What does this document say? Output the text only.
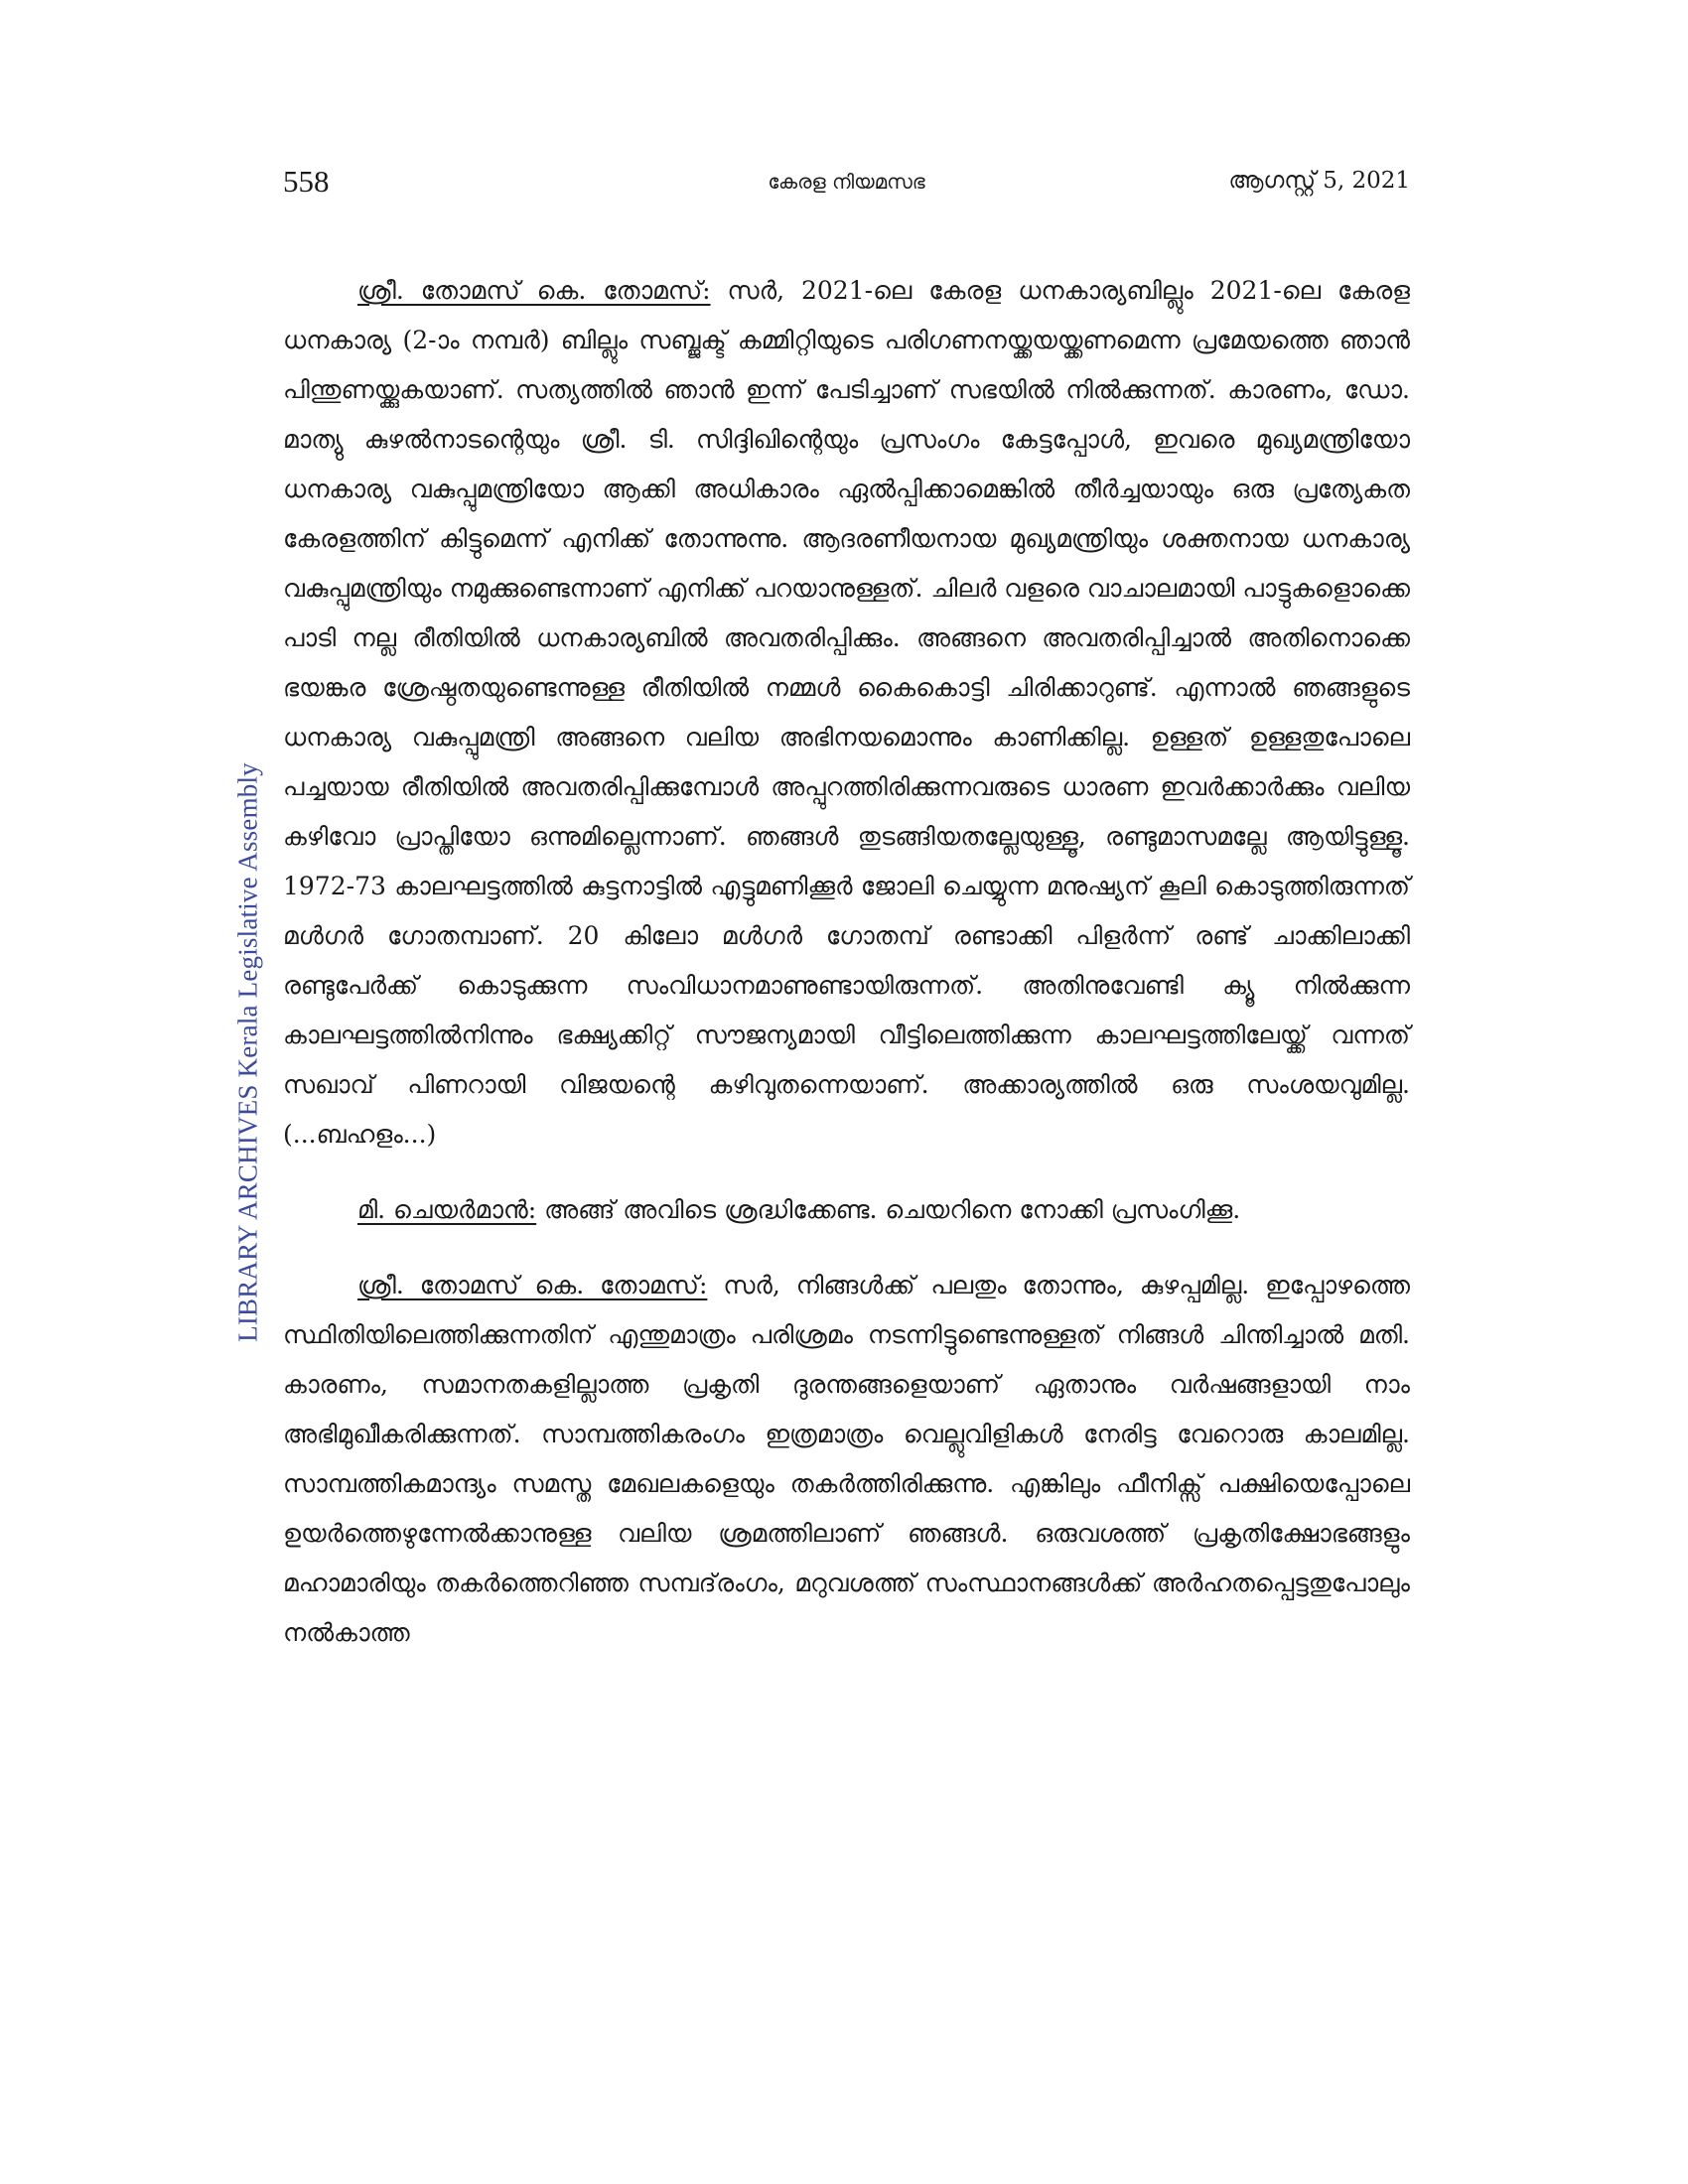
558	കേരള നിയമസഭ	ആഗസ്റ്റ് 5, 2021
LIBRARY ARCHIVES Kerala Legislative Assembly

ശ്രീ. തോമസ് കെ. തോമസ്: സർ, 2021-ലെ കേരള ധനകാര്യബില്ലും 2021-ലെ കേരള ധനകാര്യ (2-ാം നമ്പർ) ബില്ലും സബ്ജക്ട് കമ്മിറ്റിയുടെ പരിഗണനയ്ക്കയയ്ക്കണമെന്ന പ്രമേയത്തെ ഞാൻ പിന്തുണയ്ക്കുകയാണ്. സത്യത്തിൽ ഞാൻ ഇന്ന് പേടിച്ചാണ് സഭയിൽ നിൽക്കുന്നത്. കാരണം, ഡോ. മാത്യു കുഴൽനാടന്റെയും ശ്രീ. ടി. സിദ്ദിഖിന്റെയും പ്രസംഗം കേട്ടപ്പോൾ, ഇവരെ മുഖ്യമന്ത്രിയോ ധനകാര്യ വകുപ്പുമന്ത്രിയോ ആക്കി അധികാരം ഏൽപ്പിക്കാമെങ്കിൽ തീർച്ചയായും ഒരു പ്രത്യേകത കേരളത്തിന് കിട്ടുമെന്ന് എനിക്ക് തോന്നുന്നു. ആദരണീയനായ മുഖ്യമന്ത്രിയും ശക്തനായ ധനകാര്യ വകുപ്പുമന്ത്രിയും നമുക്കുണ്ടെന്നാണ് എനിക്ക് പറയാനുള്ളത്. ചിലർ വളരെ വാചാലമായി പാട്ടുകളൊക്കെ പാടി നല്ല രീതിയിൽ ധനകാര്യബിൽ അവതരിപ്പിക്കും. അങ്ങനെ അവതരിപ്പിച്ചാൽ അതിനൊക്കെ ഭയങ്കര ശ്രേഷ്ഠതയുണ്ടെന്നുള്ള രീതിയിൽ നമ്മൾ കൈകൊട്ടി ചിരിക്കാറുണ്ട്. എന്നാൽ ഞങ്ങളുടെ ധനകാര്യ വകുപ്പുമന്ത്രി അങ്ങനെ വലിയ അഭിനയമൊന്നും കാണിക്കില്ല. ഉള്ളത് ഉള്ളതുപോലെ പച്ചയായ രീതിയിൽ അവതരിപ്പിക്കുമ്പോൾ അപ്പുറത്തിരിക്കുന്നവരുടെ ധാരണ ഇവർക്കാർക്കും വലിയ കഴിവോ പ്രാപ്തിയോ ഒന്നുമില്ലെന്നാണ്. ഞങ്ങൾ തുടങ്ങിയതല്ലേയുള്ളൂ, രണ്ടുമാസമല്ലേ ആയിട്ടുള്ളൂ. 1972-73 കാലഘട്ടത്തിൽ കുട്ടനാട്ടിൽ എട്ടുമണിക്കൂർ ജോലി ചെയ്യുന്ന മനുഷ്യന് കൂലി കൊടുത്തിരുന്നത് മൾഗർ ഗോതമ്പാണ്. 20 കിലോ മൾഗർ ഗോതമ്പ് രണ്ടാക്കി പിളർന്ന് രണ്ട് ചാക്കിലാക്കി രണ്ടുപേർക്ക് കൊടുക്കുന്ന സംവിധാനമാണുണ്ടായിരുന്നത്. അതിനുവേണ്ടി ക്യൂ നിൽക്കുന്ന കാലഘട്ടത്തിൽനിന്നും ഭക്ഷ്യക്കിറ്റ് സൗജന്യമായി വീട്ടിലെത്തിക്കുന്ന കാലഘട്ടത്തിലേയ്ക്ക് വന്നത് സഖാവ് പിണറായി വിജയന്റെ കഴിവുതന്നെയാണ്. അക്കാര്യത്തിൽ ഒരു സംശയവുമില്ല. (...ബഹളം...)

മി. ചെയർമാൻ: അങ്ങ് അവിടെ ശ്രദ്ധിക്കേണ്ട. ചെയറിനെ നോക്കി പ്രസംഗിക്കൂ.

ശ്രീ. തോമസ് കെ. തോമസ്: സർ, നിങ്ങൾക്ക് പലതും തോന്നും, കുഴപ്പമില്ല. ഇപ്പോഴത്തെ സ്ഥിതിയിലെത്തിക്കുന്നതിന് എന്തുമാത്രം പരിശ്രമം നടന്നിട്ടുണ്ടെന്നുള്ളത് നിങ്ങൾ ചിന്തിച്ചാൽ മതി. കാരണം, സമാനതകളില്ലാത്ത പ്രകൃതി ദുരന്തങ്ങളെയാണ് ഏതാനും വർഷങ്ങളായി നാം അഭിമുഖീകരിക്കുന്നത്. സാമ്പത്തികരംഗം ഇത്രമാത്രം വെല്ലുവിളികൾ നേരിട്ട വേറൊരു കാലമില്ല. സാമ്പത്തികമാന്ദ്യം സമസ്ത മേഖലകളെയും തകർത്തിരിക്കുന്നു. എങ്കിലും ഫീനിക്സ് പക്ഷിയെപ്പോലെ ഉയർത്തെഴുന്നേൽക്കാനുള്ള വലിയ ശ്രമത്തിലാണ് ഞങ്ങൾ. ഒരുവശത്ത് പ്രകൃതിക്ഷോഭങ്ങളും മഹാമാരിയും തകർത്തെറിഞ്ഞ സമ്പദ്‌രംഗം, മറുവശത്ത് സംസ്ഥാനങ്ങൾക്ക് അർഹതപ്പെട്ടതുപോലും നൽകാത്ത
